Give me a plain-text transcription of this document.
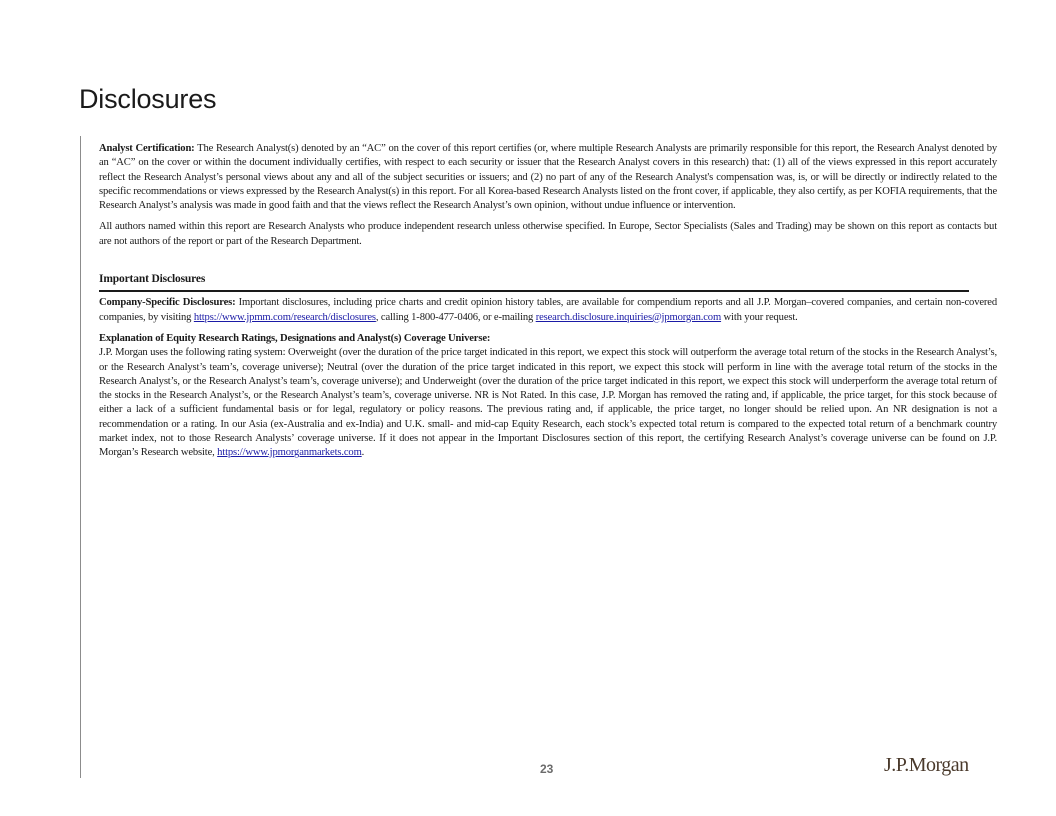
Disclosures

Analyst Certification: The Research Analyst(s) denoted by an “AC” on the cover of this report certifies (or, where multiple Research Analysts are primarily responsible for this report, the Research Analyst denoted by an “AC” on the cover or within the document individually certifies, with respect to each security or issuer that the Research Analyst covers in this research) that: (1) all of the views expressed in this report accurately reflect the Research Analyst’s personal views about any and all of the subject securities or issuers; and (2) no part of any of the Research Analyst's compensation was, is, or will be directly or indirectly related to the specific recommendations or views expressed by the Research Analyst(s) in this report. For all Korea-based Research Analysts listed on the front cover, if applicable, they also certify, as per KOFIA requirements, that the Research Analyst’s analysis was made in good faith and that the views reflect the Research Analyst’s own opinion, without undue influence or intervention.

All authors named within this report are Research Analysts who produce independent research unless otherwise specified. In Europe, Sector Specialists (Sales and Trading) may be shown on this report as contacts but are not authors of the report or part of the Research Department.

Important Disclosures

Company-Specific Disclosures: Important disclosures, including price charts and credit opinion history tables, are available for compendium reports and all J.P. Morgan–covered companies, and certain non-covered companies, by visiting https://www.jpmm.com/research/disclosures, calling 1-800-477-0406, or e-mailing research.disclosure.inquiries@jpmorgan.com with your request.

Explanation of Equity Research Ratings, Designations and Analyst(s) Coverage Universe:
J.P. Morgan uses the following rating system: Overweight (over the duration of the price target indicated in this report, we expect this stock will outperform the average total return of the stocks in the Research Analyst’s, or the Research Analyst’s team’s, coverage universe); Neutral (over the duration of the price target indicated in this report, we expect this stock will perform in line with the average total return of the stocks in the Research Analyst’s, or the Research Analyst’s team’s, coverage universe); and Underweight (over the duration of the price target indicated in this report, we expect this stock will underperform the average total return of the stocks in the Research Analyst’s, or the Research Analyst’s team’s, coverage universe. NR is Not Rated. In this case, J.P. Morgan has removed the rating and, if applicable, the price target, for this stock because of either a lack of a sufficient fundamental basis or for legal, regulatory or policy reasons. The previous rating and, if applicable, the price target, no longer should be relied upon. An NR designation is not a recommendation or a rating. In our Asia (ex-Australia and ex-India) and U.K. small- and mid-cap Equity Research, each stock’s expected total return is compared to the expected total return of a benchmark country market index, not to those Research Analysts’ coverage universe. If it does not appear in the Important Disclosures section of this report, the certifying Research Analyst’s coverage universe can be found on J.P. Morgan’s Research website, https://www.jpmorganmarkets.com.

23	J.P.Morgan
